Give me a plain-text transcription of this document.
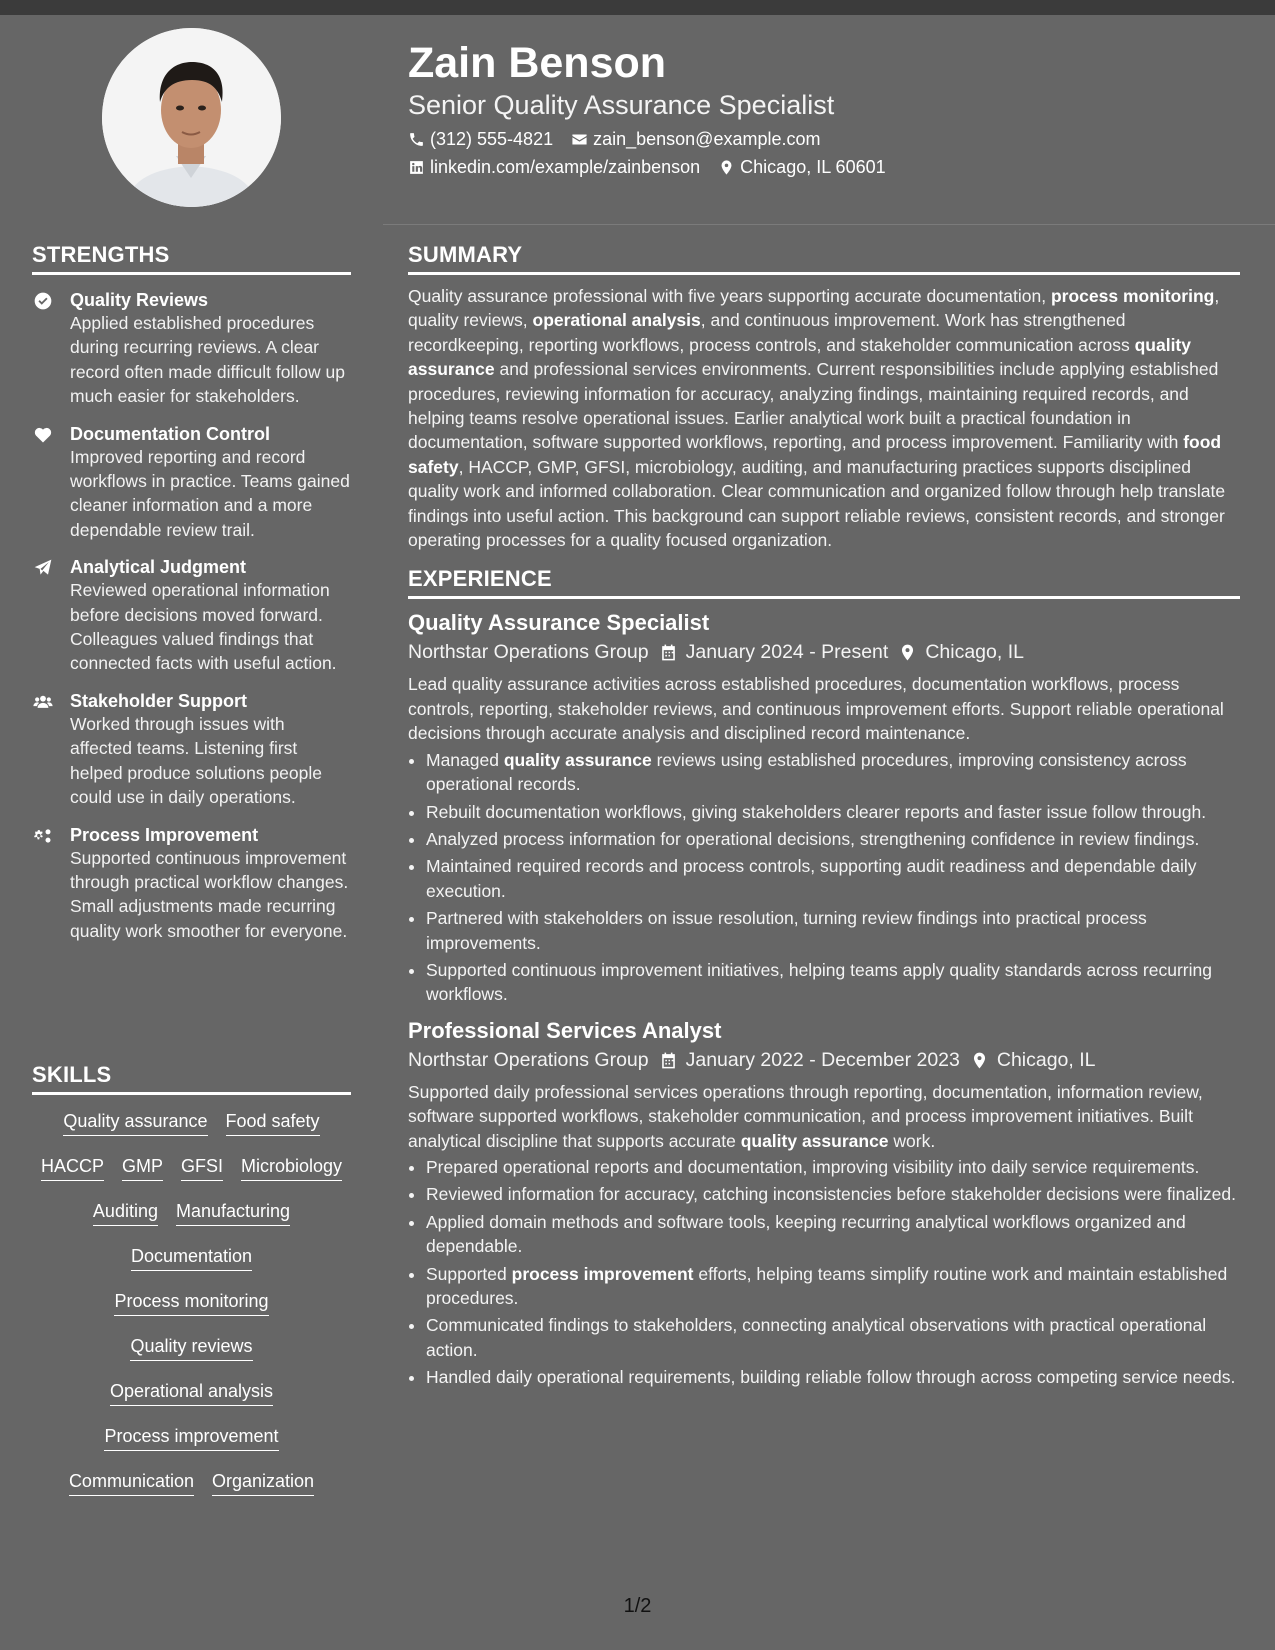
Zain Benson
Senior Quality Assurance Specialist
(312) 555-4821 zain_benson@example.com
linkedin.com/example/zainbenson Chicago, IL 60601
STRENGTHS
Quality Reviews
Applied established procedures during recurring reviews. A clear record often made difficult follow up much easier for stakeholders.
Documentation Control
Improved reporting and record workflows in practice. Teams gained cleaner information and a more dependable review trail.
Analytical Judgment
Reviewed operational information before decisions moved forward. Colleagues valued findings that connected facts with useful action.
Stakeholder Support
Worked through issues with affected teams. Listening first helped produce solutions people could use in daily operations.
Process Improvement
Supported continuous improvement through practical workflow changes. Small adjustments made recurring quality work smoother for everyone.
SKILLS
Quality assurance Food safety
HACCP GMP GFSI Microbiology
Auditing Manufacturing
Documentation
Process monitoring
Quality reviews
Operational analysis
Process improvement
Communication Organization
SUMMARY

Quality assurance professional with five years supporting accurate documentation, process monitoring, quality reviews, operational analysis, and continuous improvement. Work has strengthened recordkeeping, reporting workflows, process controls, and stakeholder communication across quality assurance and professional services environments. Current responsibilities include applying established procedures, reviewing information for accuracy, analyzing findings, maintaining required records, and helping teams resolve operational issues. Earlier analytical work built a practical foundation in documentation, software supported workflows, reporting, and process improvement. Familiarity with food safety, HACCP, GMP, GFSI, microbiology, auditing, and manufacturing practices supports disciplined quality work and informed collaboration. Clear communication and organized follow through help translate findings into useful action. This background can support reliable reviews, consistent records, and stronger operating processes for a quality focused organization.

EXPERIENCE
Quality Assurance Specialist
Northstar Operations Group January 2024 - Present Chicago, IL
Lead quality assurance activities across established procedures, documentation workflows, process controls, reporting, stakeholder reviews, and continuous improvement efforts. Support reliable operational decisions through accurate analysis and disciplined record maintenance.
• Managed quality assurance reviews using established procedures, improving consistency across operational records.
• Rebuilt documentation workflows, giving stakeholders clearer reports and faster issue follow through.
• Analyzed process information for operational decisions, strengthening confidence in review findings.
• Maintained required records and process controls, supporting audit readiness and dependable daily execution.
• Partnered with stakeholders on issue resolution, turning review findings into practical process improvements.
• Supported continuous improvement initiatives, helping teams apply quality standards across recurring workflows.
Professional Services Analyst
Northstar Operations Group January 2022 - December 2023 Chicago, IL
Supported daily professional services operations through reporting, documentation, information review, software supported workflows, stakeholder communication, and process improvement initiatives. Built analytical discipline that supports accurate quality assurance work.
• Prepared operational reports and documentation, improving visibility into daily service requirements.
• Reviewed information for accuracy, catching inconsistencies before stakeholder decisions were finalized.
• Applied domain methods and software tools, keeping recurring analytical workflows organized and dependable.
• Supported process improvement efforts, helping teams simplify routine work and maintain established procedures.
• Communicated findings to stakeholders, connecting analytical observations with practical operational action.
• Handled daily operational requirements, building reliable follow through across competing service needs.
1/2
